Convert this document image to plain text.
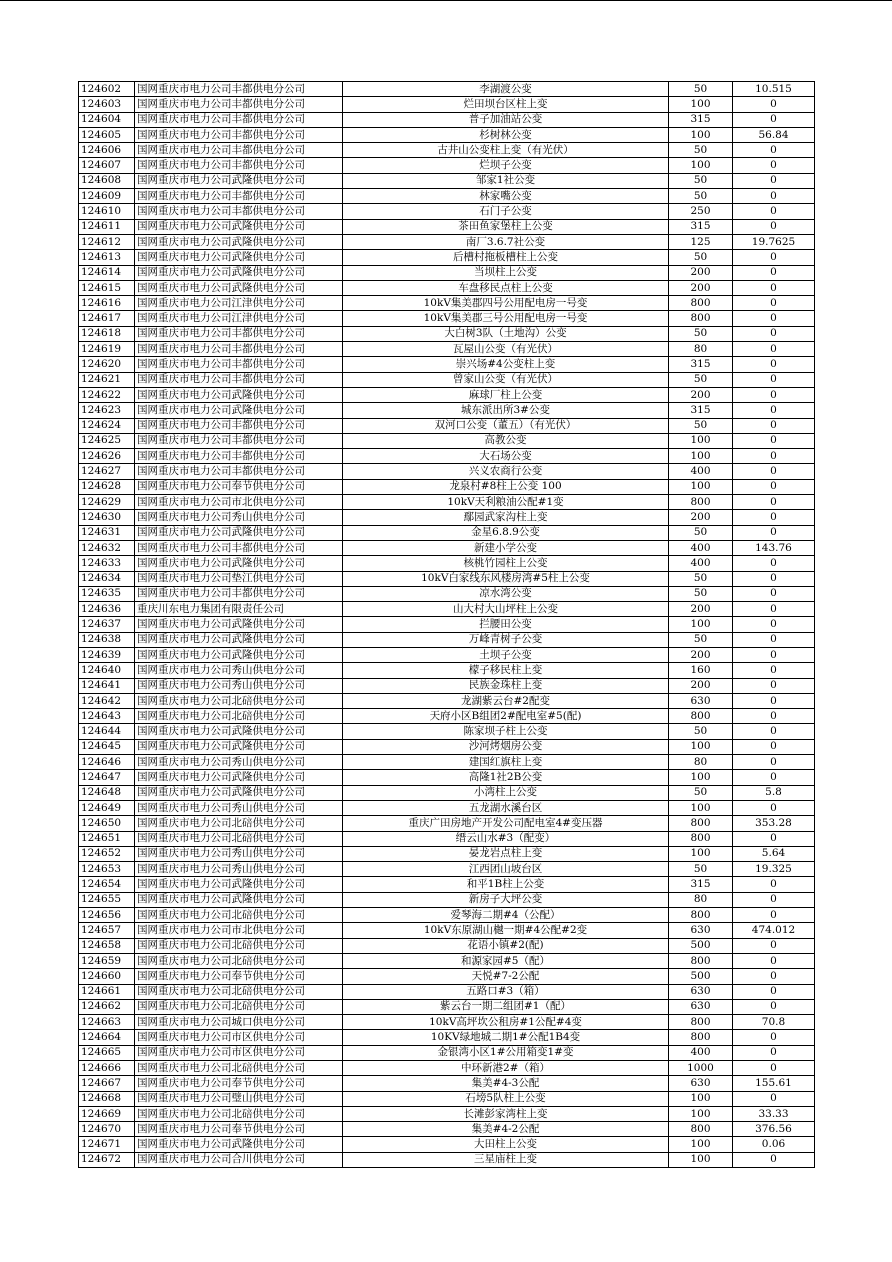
124602	国网重庆市电力公司丰都供电分公司	李湖渡公变	50	10.515
124603	国网重庆市电力公司丰都供电分公司	烂田坝台区柱上变	100	0
124604	国网重庆市电力公司丰都供电分公司	普子加油站公变	315	0
124605	国网重庆市电力公司丰都供电分公司	杉树林公变	100	56.84
124606	国网重庆市电力公司丰都供电分公司	古井山公变柱上变（有光伏）	50	0
124607	国网重庆市电力公司丰都供电分公司	烂坝子公变	100	0
124608	国网重庆市电力公司武隆供电分公司	邹家1社公变	50	0
124609	国网重庆市电力公司丰都供电分公司	林家嘴公变	50	0
124610	国网重庆市电力公司丰都供电分公司	石门子公变	250	0
124611	国网重庆市电力公司武隆供电分公司	茶田鱼家堡柱上公变	315	0
124612	国网重庆市电力公司武隆供电分公司	南厂3.6.7社公变	125	19.7625
124613	国网重庆市电力公司武隆供电分公司	后槽村拖板槽柱上公变	50	0
124614	国网重庆市电力公司武隆供电分公司	当坝柱上公变	200	0
124615	国网重庆市电力公司武隆供电分公司	车盘移民点柱上公变	200	0
124616	国网重庆市电力公司江津供电分公司	10kV集美郡四号公用配电房一号变	800	0
124617	国网重庆市电力公司江津供电分公司	10kV集美郡三号公用配电房一号变	800	0
124618	国网重庆市电力公司丰都供电分公司	大白树3队（土地沟）公变	50	0
124619	国网重庆市电力公司丰都供电分公司	瓦屋山公变（有光伏）	80	0
124620	国网重庆市电力公司丰都供电分公司	崇兴场#4公变柱上变	315	0
124621	国网重庆市电力公司丰都供电分公司	曾家山公变（有光伏）	50	0
124622	国网重庆市电力公司武隆供电分公司	麻球厂柱上公变	200	0
124623	国网重庆市电力公司武隆供电分公司	城东派出所3#公变	315	0
124624	国网重庆市电力公司丰都供电分公司	双河口公变（董五）（有光伏）	50	0
124625	国网重庆市电力公司丰都供电分公司	高教公变	100	0
124626	国网重庆市电力公司丰都供电分公司	大石场公变	100	0
124627	国网重庆市电力公司丰都供电分公司	兴义农商行公变	400	0
124628	国网重庆市电力公司奉节供电分公司	龙泉村#8柱上公变 100	100	0
124629	国网重庆市电力公司市北供电分公司	10kV天利粮油公配#1变	800	0
124630	国网重庆市电力公司秀山供电分公司	鄢园武家沟柱上变	200	0
124631	国网重庆市电力公司武隆供电分公司	金星6.8.9公变	50	0
124632	国网重庆市电力公司丰都供电分公司	新建小学公变	400	143.76
124633	国网重庆市电力公司武隆供电分公司	核桃竹园柱上公变	400	0
124634	国网重庆市电力公司垫江供电分公司	10kV白家线东风楼房湾#5柱上公变	50	0
124635	国网重庆市电力公司丰都供电分公司	凉水湾公变	50	0
124636	重庆川东电力集团有限责任公司	山大村大山坪柱上公变	200	0
124637	国网重庆市电力公司武隆供电分公司	拦腰田公变	100	0
124638	国网重庆市电力公司武隆供电分公司	万峰青树子公变	50	0
124639	国网重庆市电力公司武隆供电分公司	土坝子公变	200	0
124640	国网重庆市电力公司秀山供电分公司	檬子移民柱上变	160	0
124641	国网重庆市电力公司秀山供电分公司	民族金珠柱上变	200	0
124642	国网重庆市电力公司北碚供电分公司	龙湖紫云台#2配变	630	0
124643	国网重庆市电力公司北碚供电分公司	天府小区B组团2#配电室#5(配)	800	0
124644	国网重庆市电力公司武隆供电分公司	陈家坝子柱上公变	50	0
124645	国网重庆市电力公司武隆供电分公司	沙河烤烟房公变	100	0
124646	国网重庆市电力公司秀山供电分公司	建国红旗柱上变	80	0
124647	国网重庆市电力公司武隆供电分公司	高隆1社2B公变	100	0
124648	国网重庆市电力公司武隆供电分公司	小湾柱上公变	50	5.8
124649	国网重庆市电力公司秀山供电分公司	五龙湖水溪台区	100	0
124650	国网重庆市电力公司北碚供电分公司	重庆广田房地产开发公司配电室4#变压器	800	353.28
124651	国网重庆市电力公司北碚供电分公司	缙云山水#3（配变）	800	0
124652	国网重庆市电力公司秀山供电分公司	晏龙岩点柱上变	100	5.64
124653	国网重庆市电力公司秀山供电分公司	江西团山坡台区	50	19.325
124654	国网重庆市电力公司武隆供电分公司	和平1B柱上公变	315	0
124655	国网重庆市电力公司武隆供电分公司	新房子大坪公变	80	0
124656	国网重庆市电力公司北碚供电分公司	爱琴海二期#4（公配）	800	0
124657	国网重庆市电力公司市北供电分公司	10kV东原湖山樾一期#4公配#2变	630	474.012
124658	国网重庆市电力公司北碚供电分公司	花语小镇#2(配)	500	0
124659	国网重庆市电力公司北碚供电分公司	和源家园#5（配）	800	0
124660	国网重庆市电力公司奉节供电分公司	天悦#7-2公配	500	0
124661	国网重庆市电力公司北碚供电分公司	五路口#3（箱）	630	0
124662	国网重庆市电力公司北碚供电分公司	紫云台一期二组团#1（配）	630	0
124663	国网重庆市电力公司城口供电分公司	10kV高坪坎公租房#1公配#4变	800	70.8
124664	国网重庆市电力公司市区供电分公司	10KV绿地城二期1#公配1B4变	800	0
124665	国网重庆市电力公司市区供电分公司	金银湾小区1#公用箱变1#变	400	0
124666	国网重庆市电力公司北碚供电分公司	中环新港2#（箱）	1000	0
124667	国网重庆市电力公司奉节供电分公司	集美#4-3公配	630	155.61
124668	国网重庆市电力公司璧山供电分公司	石塝5队柱上公变	100	0
124669	国网重庆市电力公司北碚供电分公司	长滩彭家湾柱上变	100	33.33
124670	国网重庆市电力公司奉节供电分公司	集美#4-2公配	800	376.56
124671	国网重庆市电力公司武隆供电分公司	大田柱上公变	100	0.06
124672	国网重庆市电力公司合川供电分公司	三星庙柱上变	100	0
